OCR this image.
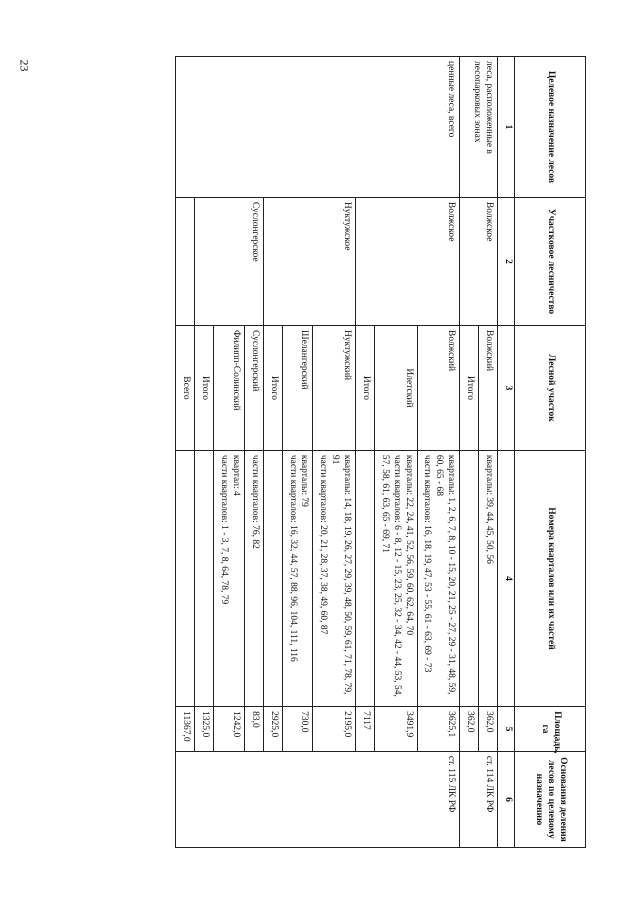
23
Целевое назначение лесов	Участковое лесничество	Лесной участок	Номера кварталов или их частей	Площадь, га	Основания деления лесов по целевому назначению
1	2	3	4	5	6
леса, расположенные в лесопарковых зонах	Волжское	Волжский	кварталы: 39, 44, 45, 50, 56	362,0	ст. 114 ЛК РФ
		Итого		362,0	
ценные леса, всего	Волжское	Волжский	кварталы: 1, 2, 6, 7, 8, 10 - 15, 20, 21, 25 - 27, 29 - 31, 48, 59, 60, 65 - 68
части кварталов: 16, 18, 19, 47, 53 - 55, 61 - 63, 69 - 73	3625,1	ст. 115 ЛК РФ
		Илетский	кварталы: 22, 24, 41, 52, 56, 59, 60, 62, 64, 70
части кварталов: 6 - 8, 12 - 15, 23, 25, 32 - 34, 42 - 44, 53, 54, 57, 58, 61, 63, 65 - 69, 71	3491,9	
		Итого		7117	
	Нуктужское	Нуктужский	кварталы: 14, 18, 19, 26, 27, 29, 39, 48, 50, 59, 61, 71, 78, 79, 91
части кварталов: 20, 21, 28, 37, 38, 49, 60, 87	2195,0	
		Шелангерский	кварталы: 79
части кварталов: 16, 32, 44, 57, 88, 96, 104, 111, 116	730,0	
		Итого		2925,0	
	Суслонгерское	Суслонгерский	части кварталов: 76, 82	83,0	
		Филипп-Солинский	квартал: 4
части кварталов: 1 - 3, 7, 8, 64, 78, 79	1242,0	
		Итого		1325,0	
		Всего		11367,0	
